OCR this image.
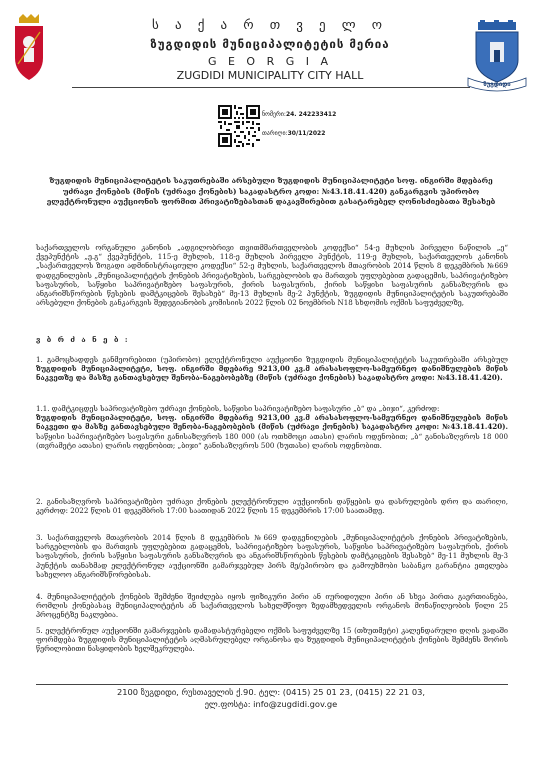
ს ა ქ ა რ თ ვ ე ლ ო
ზუგდიდის მუნიციპალიტეტის მერია
G E O R G I A
ZUGDIDI MUNICIPALITY CITY HALL
ზუგდიდი
ნომერი:24. 242233412
თარიღი:30/11/2022
ზუგდიდის მუნიციპალიტეტის საკუთრებაში არსებული ზუგდიდის მუნიციპალიტეტი სოფ. ინგირში მდებარე უძრავი ქონების (მიწის (უძრავი ქონების) საკადასტრო კოდი: №43.18.41.420) განკარგვის უპირობო ელექტრონული აუქციონის ფორმით პრივატიზებასთან დაკავშირებით გასატარებელ ღონისძიებათა შესახებ
საქართველოს ორგანული კანონის „ადგილობრივი თვითმმართველობის კოდექსი“ 54-ე მუხლის პირველი ნაწილის „ე“ ქვეპუნქტის „ე.გ“ ქვეპუნქტის, 115-ე მუხლის, 118-ე მუხლის პირველი პუნქტის, 119-ე მუხლის, საქართველოს კანონის „საქართველოს ზოგადი ადმინისტრაციული კოდექსი“ 52-ე მუხლის, საქართველოს მთავრობის 2014 წლის 8 დეკემბრის №669 დადგენილების „მუნიციპალიტეტის ქონების პრივატიზების, სარგებლობის და მართვის უფლებებით გადაცემის, საპრივატიზებო საფასურის, საწყისი საპრივატიზებო საფასურის, ქირის საფასურის, ქირის საწყისი საფასურის განსაზღვრის და ანგარიშსწორების წესების დამტკიცების შესახებ“ მე-13 მუხლის მე-2 პუნქტის, ზუგდიდის მუნიციპალიტეტის საკუთრებაში არსებული ქონების განკარგვის შედეგიანობის კომისიის 2022 წლის 02 ნოემბრის N18 სხდომის ოქმის საფუძველზე,
ვ ბ რ ძ ა ნ ე ბ :
1. გამოცხადდეს განმეორებითი (უპირობო) ელექტრონული აუქციონი ზუგდიდის მუნიციპალიტეტის საკუთრებაში არსებულ ზუგდიდის მუნიციპალიტეტი, სოფ. ინგირში მდებარე 9213,00 კვ.მ არასასოფლო-სამეურნეო დანიშნულების მიწის ნაკვეთზე და მასზე განთავსებულ შენობა-ნაგებობებზე (მიწის (უძრავი ქონების) საკადასტრო კოდი: №43.18.41.420).
1.1. დამტკიცდეს საპრივატიზებო უძრავი ქონების, საწყისი საპრივატიზებო საფასური „ბ“ და „ბიჯი“, კერძოდ:
ზუგდიდის მუნიციპალიტეტი, სოფ. ინგირში მდებარე 9213,00 კვ.მ არასასოფლო-სამეურნეო დანიშნულების მიწის ნაკვეთი და მასზე განთავსებული შენობა-ნაგებობების (მიწის (უძრავი ქონების) საკადასტრო კოდი: №43.18.41.420). საწყისი საპრივატიზებო საფასური განისაზღვროს 180 000 (ას ოთხმოცი ათასი) ლარის ოდენობით; „ბ“ განისაზღვროს 18 000 (თვრამეტი ათასი) ლარის ოდენობით; „ბიჯი“ განისაზღვროს 500 (ხუთასი) ლარის ოდენობით.
2. განისაზღვროს საპრივატიზებო უძრავი ქონების ელექტრონული აუქციონის დაწყების და დასრულების დრო და თარიღი, კერძოდ: 2022 წლის 01 დეკემბრის 17:00 საათიდან 2022 წლის 15 დეკემბრის 17:00 საათამდე.
3. საქართველოს მთავრობის 2014 წლის 8 დეკემბრის №669 დადგენილების „მუნიციპალიტეტის ქონების პრივატიზების, სარგებლობის და მართვის უფლებებით გადაცემის, საპრივატიზებო საფასურის, საწყისი საპრივატიზებო საფასურის, ქირის საფასურის, ქირის საწყისი საფასურის განსაზღვრის და ანგარიშსწორების წესების დამტკიცების შესახებ“ მე-11 მუხლის მე-3 პუნქტის თანახმად ელექტრონულ აუქციონში გამარჯვებულ პირს მე/ეპირობო და გამოუხმობი საბანკო გარანტია ეთელება სახელოო ანგარიშსწორებისას.
4. მუნიციპალიტეტის ქონების შემძენი შეიძლება იყოს ფიზიკური პირი ან იურიდიული პირი ან სხვა პირთა გაერთიანება, რომლის ქონებასაც მუნიციპალიტეტის ან საქართველოს სახელმწიფო ზედამხედველის ორგანოს მონაწილეობის წილი 25 პროცენტზე ნაკლებია.
5. ელექტრონულ აუქციონში გამარჯვების დამადასტურებელი ოქმის საფუძველზე 15 (თხუთმეტი) კალენდარული დღის ვადაში ფორმდება ზუგდიდის მუნიციპალიტეტის აღმასრულებელ ორგანოსა და ზუგდიდის მუნიციპალიტეტის ქონების შემძენს შორის წერილობითი ნასყიდობის ხელშეკრულება.
2100 ზუგდიდი, რუსთაველის ქ.90. ტელ: (0415) 25 01 23, (0415) 22 21 03,
ელ.ფოსტა: info@zugdidi.gov.ge
